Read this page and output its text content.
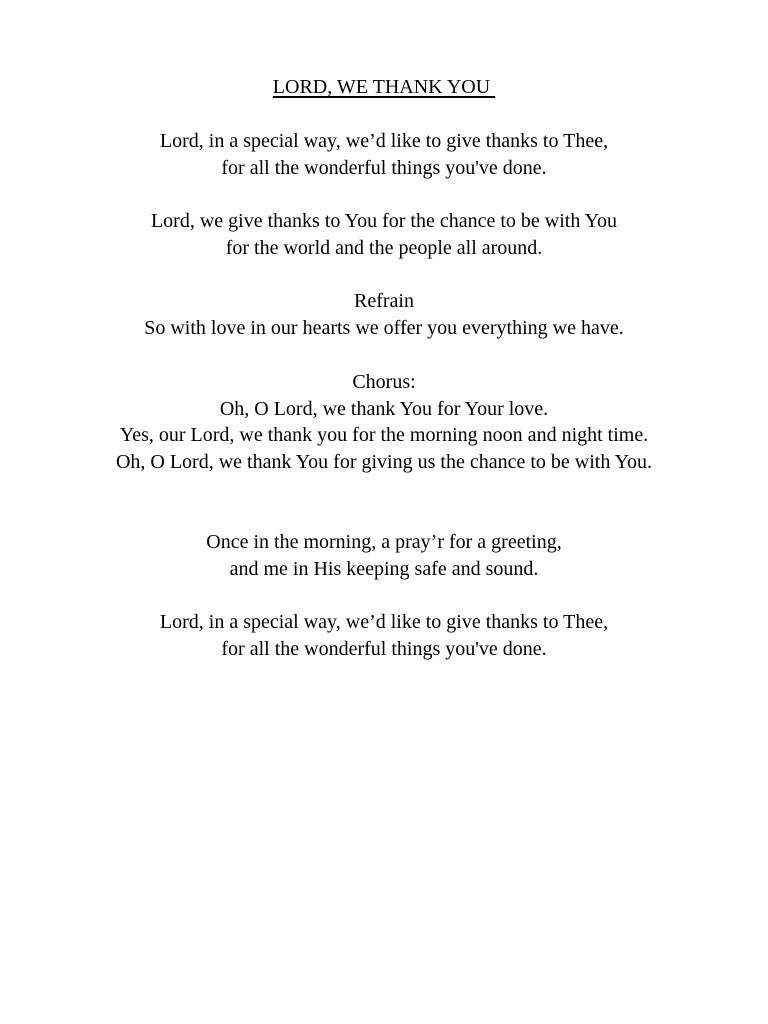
LORD, WE THANK YOU
Lord, in a special way, we’d like to give thanks to Thee,
for all the wonderful things you've done.
Lord, we give thanks to You for the chance to be with You
for the world and the people all around.
Refrain
So with love in our hearts we offer you everything we have.
Chorus:
Oh, O Lord, we thank You for Your love.
Yes, our Lord, we thank you for the morning noon and night time.
Oh, O Lord, we thank You for giving us the chance to be with You.
Once in the morning, a pray’r for a greeting,
and me in His keeping safe and sound.
Lord, in a special way, we’d like to give thanks to Thee,
for all the wonderful things you've done.
